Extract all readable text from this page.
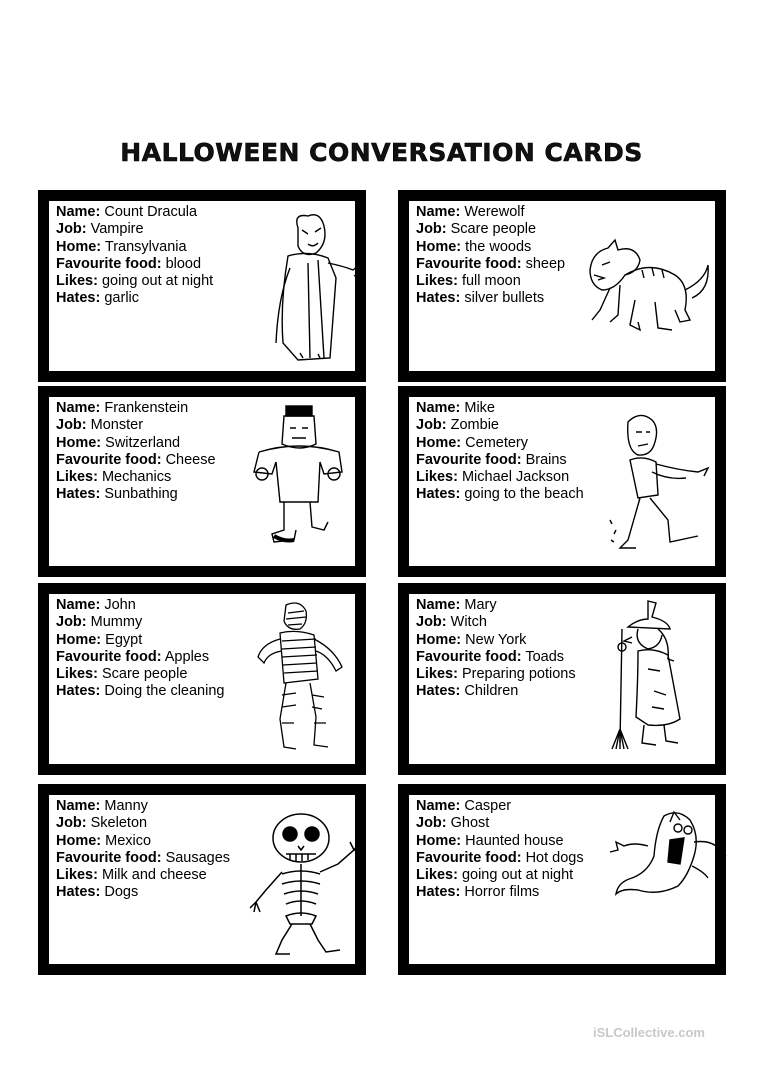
HALLOWEEN CONVERSATION CARDS
Name: Count Dracula
Job: Vampire
Home: Transylvania
Favourite food: blood
Likes: going out at night
Hates: garlic
Name: Werewolf
Job: Scare people
Home: the woods
Favourite food: sheep
Likes: full moon
Hates: silver bullets
Name: Frankenstein
Job: Monster
Home: Switzerland
Favourite food: Cheese
Likes: Mechanics
Hates: Sunbathing
Name: Mike
Job: Zombie
Home: Cemetery
Favourite food: Brains
Likes: Michael Jackson
Hates: going to the beach
Name: John
Job: Mummy
Home: Egypt
Favourite food: Apples
Likes: Scare people
Hates: Doing the cleaning
Name: Mary
Job: Witch
Home: New York
Favourite food: Toads
Likes: Preparing potions
Hates: Children
Name: Manny
Job: Skeleton
Home: Mexico
Favourite food: Sausages
Likes: Milk and cheese
Hates: Dogs
Name: Casper
Job: Ghost
Home: Haunted house
Favourite food: Hot dogs
Likes: going out at night
Hates: Horror films
iSLCollective.com
